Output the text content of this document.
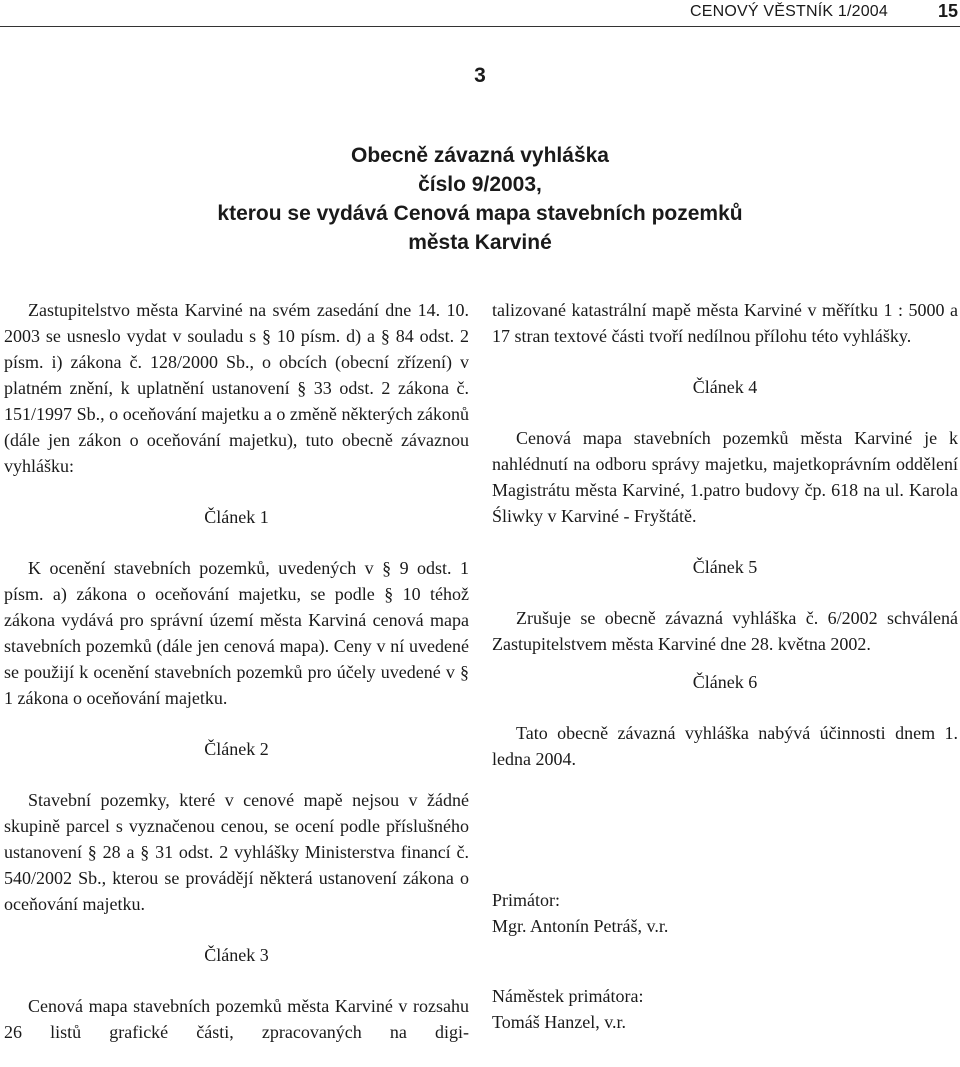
CENOVÝ VĚSTNÍK 1/2004	15
3
Obecně závazná vyhláška
číslo 9/2003,
kterou se vydává Cenová mapa stavebních pozemků
města Karviné

Zastupitelstvo města Karviné na svém zasedání dne 14. 10. 2003 se usneslo vydat v souladu s § 10 písm. d) a § 84 odst. 2 písm. i) zákona č. 128/2000 Sb., o obcích (obecní zřízení) v platném znění, k uplatnění ustanovení § 33 odst. 2 zákona č. 151/1997 Sb., o oceňování majetku a o změně některých zákonů (dále jen zákon o oceňování majetku), tuto obecně závaznou vyhlášku:

Článek 1

K ocenění stavebních pozemků, uvedených v § 9 odst. 1 písm. a) zákona o oceňování majetku, se podle § 10 téhož zákona vydává pro správní území města Karviná cenová mapa stavebních pozemků (dále jen cenová mapa). Ceny v ní uvedené se použijí k ocenění stavebních pozemků pro účely uvedené v § 1 zákona o oceňování majetku.

Článek 2

Stavební pozemky, které v cenové mapě nejsou v žádné skupině parcel s vyznačenou cenou, se ocení podle příslušného ustanovení § 28 a § 31 odst. 2 vyhlášky Ministerstva financí č. 540/2002 Sb., kterou se provádějí některá ustanovení zákona o oceňování majetku.

Článek 3

Cenová mapa stavebních pozemků města Karviné v rozsahu 26 listů grafické části, zpracovaných na digi-

talizované katastrální mapě města Karviné v měřítku 1 : 5000 a 17 stran textové části tvoří nedílnou přílohu této vyhlášky.

Článek 4

Cenová mapa stavebních pozemků města Karviné je k nahlédnutí na odboru správy majetku, majetkoprávním oddělení Magistrátu města Karviné, 1.patro budovy čp. 618 na ul. Karola Śliwky v Karviné - Fryštátě.

Článek 5

Zrušuje se obecně závazná vyhláška č. 6/2002 schválená Zastupitelstvem města Karviné dne 28. května 2002.

Článek 6

Tato obecně závazná vyhláška nabývá účinnosti dnem 1. ledna 2004.

Primátor:

Mgr. Antonín Petráš, v.r.

Náměstek primátora:

Tomáš Hanzel, v.r.
